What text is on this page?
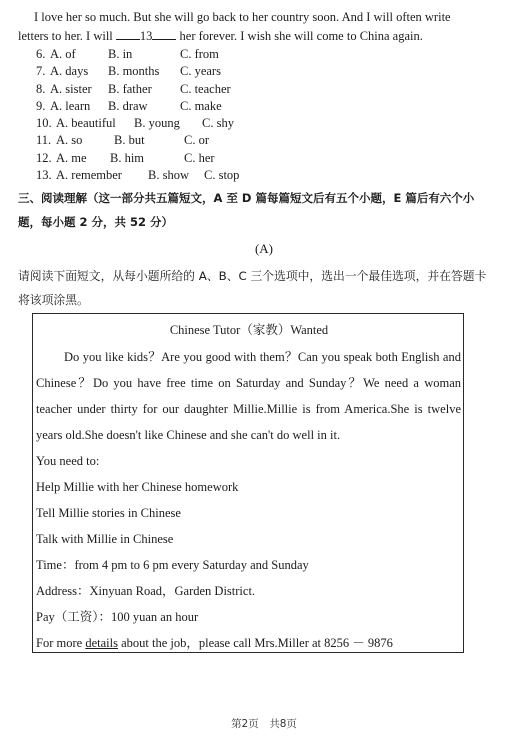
I love her so much. But she will go back to her country soon. And I will often write
letters to her. I will 13 her forever. I wish she will come to China again.
6. A. of	B. in	C. from
7. A. days B. months C. years
8. A. sister B. father C. teacher
9. A. learn B. draw	C. make
10. A. beautiful B. young C. shy
11. A. so	B. but	C. or
12. A. me B. him	C. her
13. A. remember B. show C. stop
三、阅读理解（这一部分共五篇短文，A 至 D 篇每篇短文后有五个小题，E 篇后有六个小题，每小题 2 分，共 52 分）
(A)
请阅读下面短文，从每小题所给的 A、B、C 三个选项中，选出一个最佳选项，并在答题卡将该项涂黑。
Chinese Tutor（家教）Wanted
Do you like kids？Are you good with them？Can you speak both English and Chinese？Do you have free time on Saturday and Sunday？We need a woman teacher under thirty for our daughter Millie.Millie is from America.She is twelve years old.She doesn't like Chinese and she can't do well in it.
You need to:
Help Millie with her Chinese homework
Tell Millie stories in Chinese
Talk with Millie in Chinese
Time：from 4 pm to 6 pm every Saturday and Sunday
Address：Xinyuan Road，Garden District.
Pay（工资）：100 yuan an hour
For more details about the job，please call Mrs.Miller at 8256 － 9876
第2页　共8页
